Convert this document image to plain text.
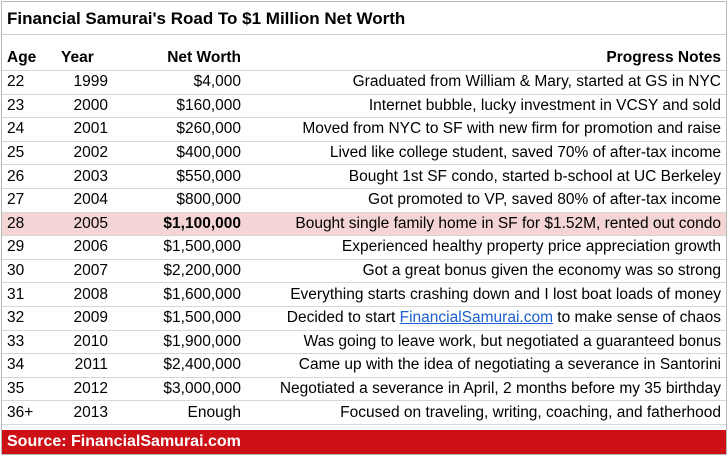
Financial Samurai's Road To $1 Million Net Worth
Age	Year	Net Worth	Progress Notes
22	1999	$4,000	Graduated from William & Mary, started at GS in NYC
23	2000	$160,000	Internet bubble, lucky investment in VCSY and sold
24	2001	$260,000	Moved from NYC to SF with new firm for promotion and raise
25	2002	$400,000	Lived like college student, saved 70% of after-tax income
26	2003	$550,000	Bought 1st SF condo, started b-school at UC Berkeley
27	2004	$800,000	Got promoted to VP, saved 80% of after-tax income
28	2005	$1,100,000	Bought single family home in SF for $1.52M, rented out condo
29	2006	$1,500,000	Experienced healthy property price appreciation growth
30	2007	$2,200,000	Got a great bonus given the economy was so strong
31	2008	$1,600,000	Everything starts crashing down and I lost boat loads of money
32	2009	$1,500,000	Decided to start FinancialSamurai.com to make sense of chaos
33	2010	$1,900,000	Was going to leave work, but negotiated a guaranteed bonus
34	2011	$2,400,000	Came up with the idea of negotiating a severance in Santorini
35	2012	$3,000,000	Negotiated a severance in April, 2 months before my 35 birthday
36+	2013	Enough	Focused on traveling, writing, coaching, and fatherhood
Source: FinancialSamurai.com
